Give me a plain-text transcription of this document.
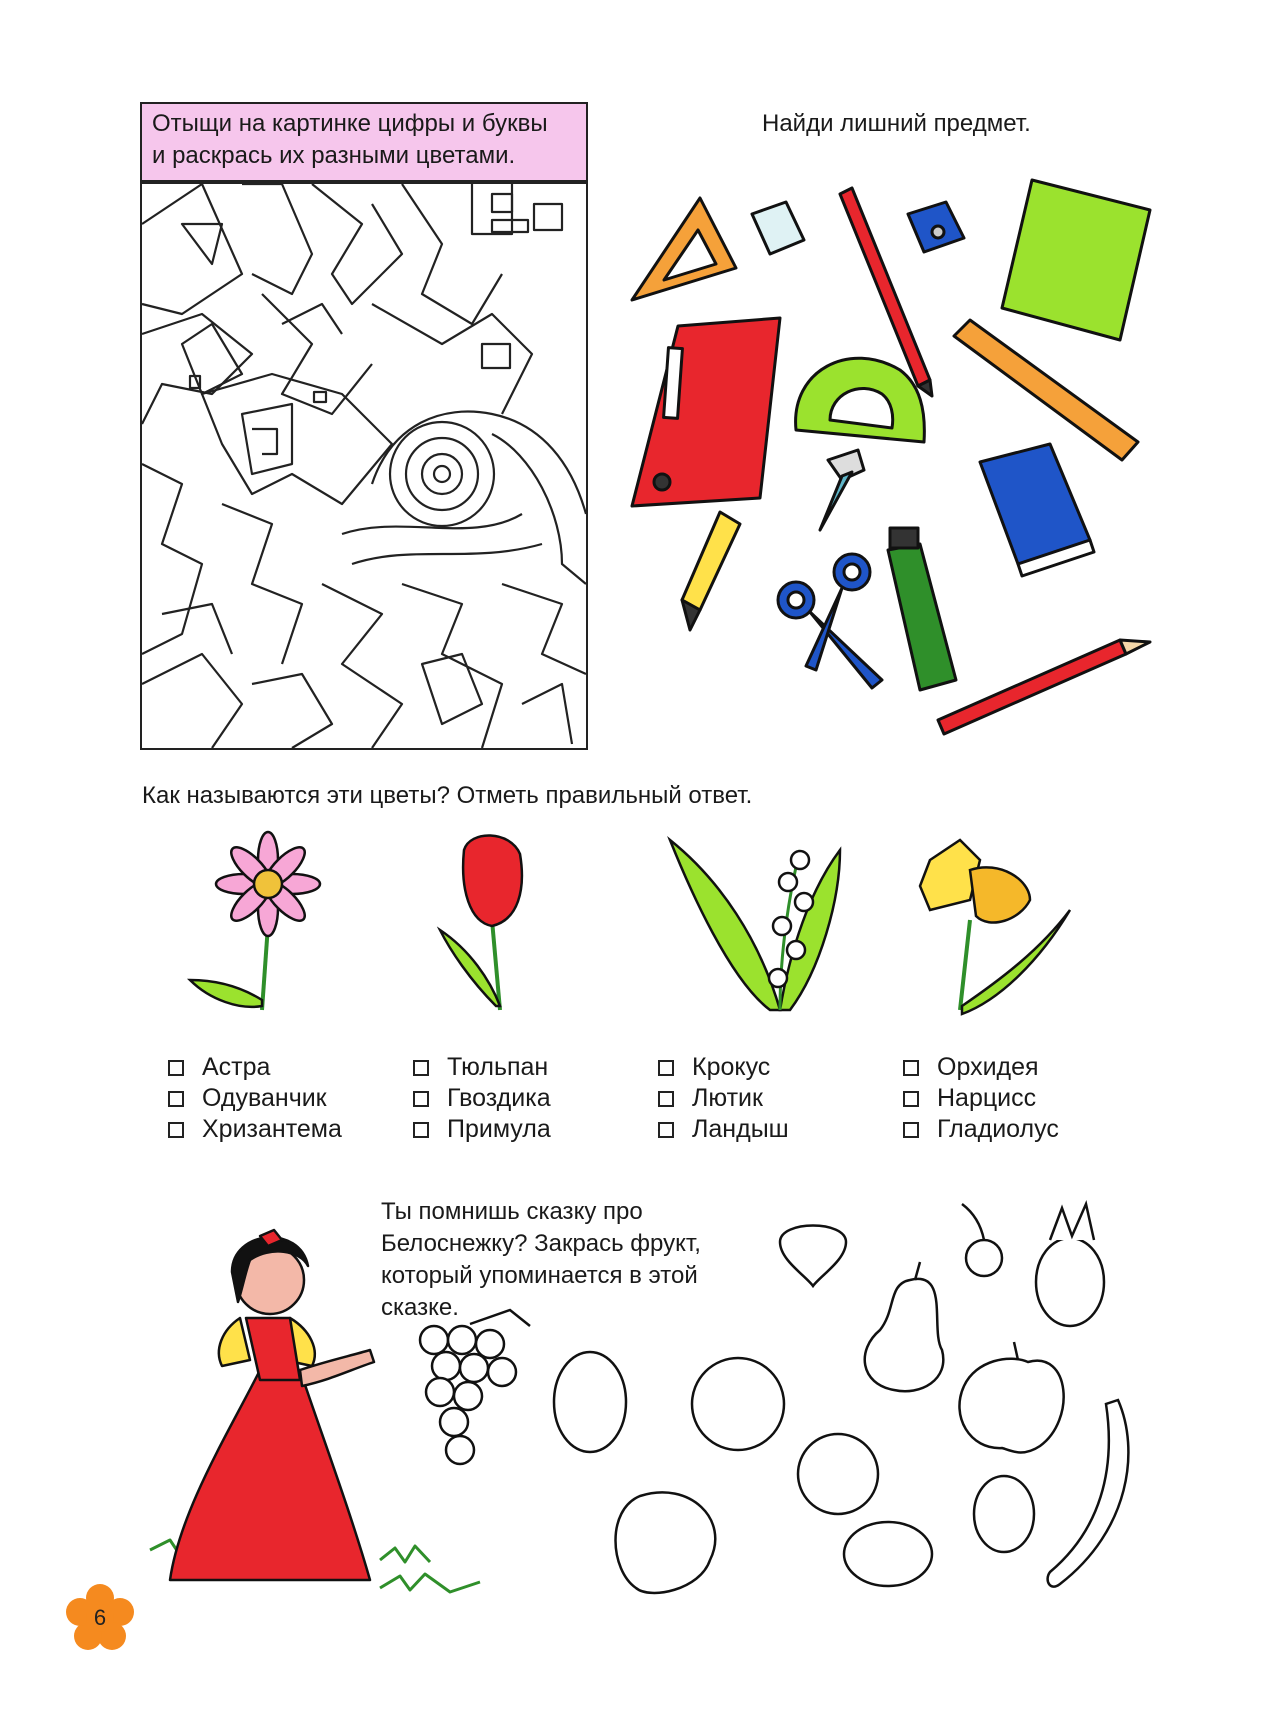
Отыщи на картинке цифры и буквы
и раскрась их разными цветами.
Найди лишний предмет.
Как называются эти цветы? Отметь правильный ответ.
Астра
Одуванчик
Хризантема
Тюльпан
Гвоздика
Примула
Крокус
Лютик
Ландыш
Орхидея
Нарцисс
Гладиолус
Ты помнишь сказку про
Белоснежку? Закрась фрукт,
который упоминается в этой
сказке.
6
